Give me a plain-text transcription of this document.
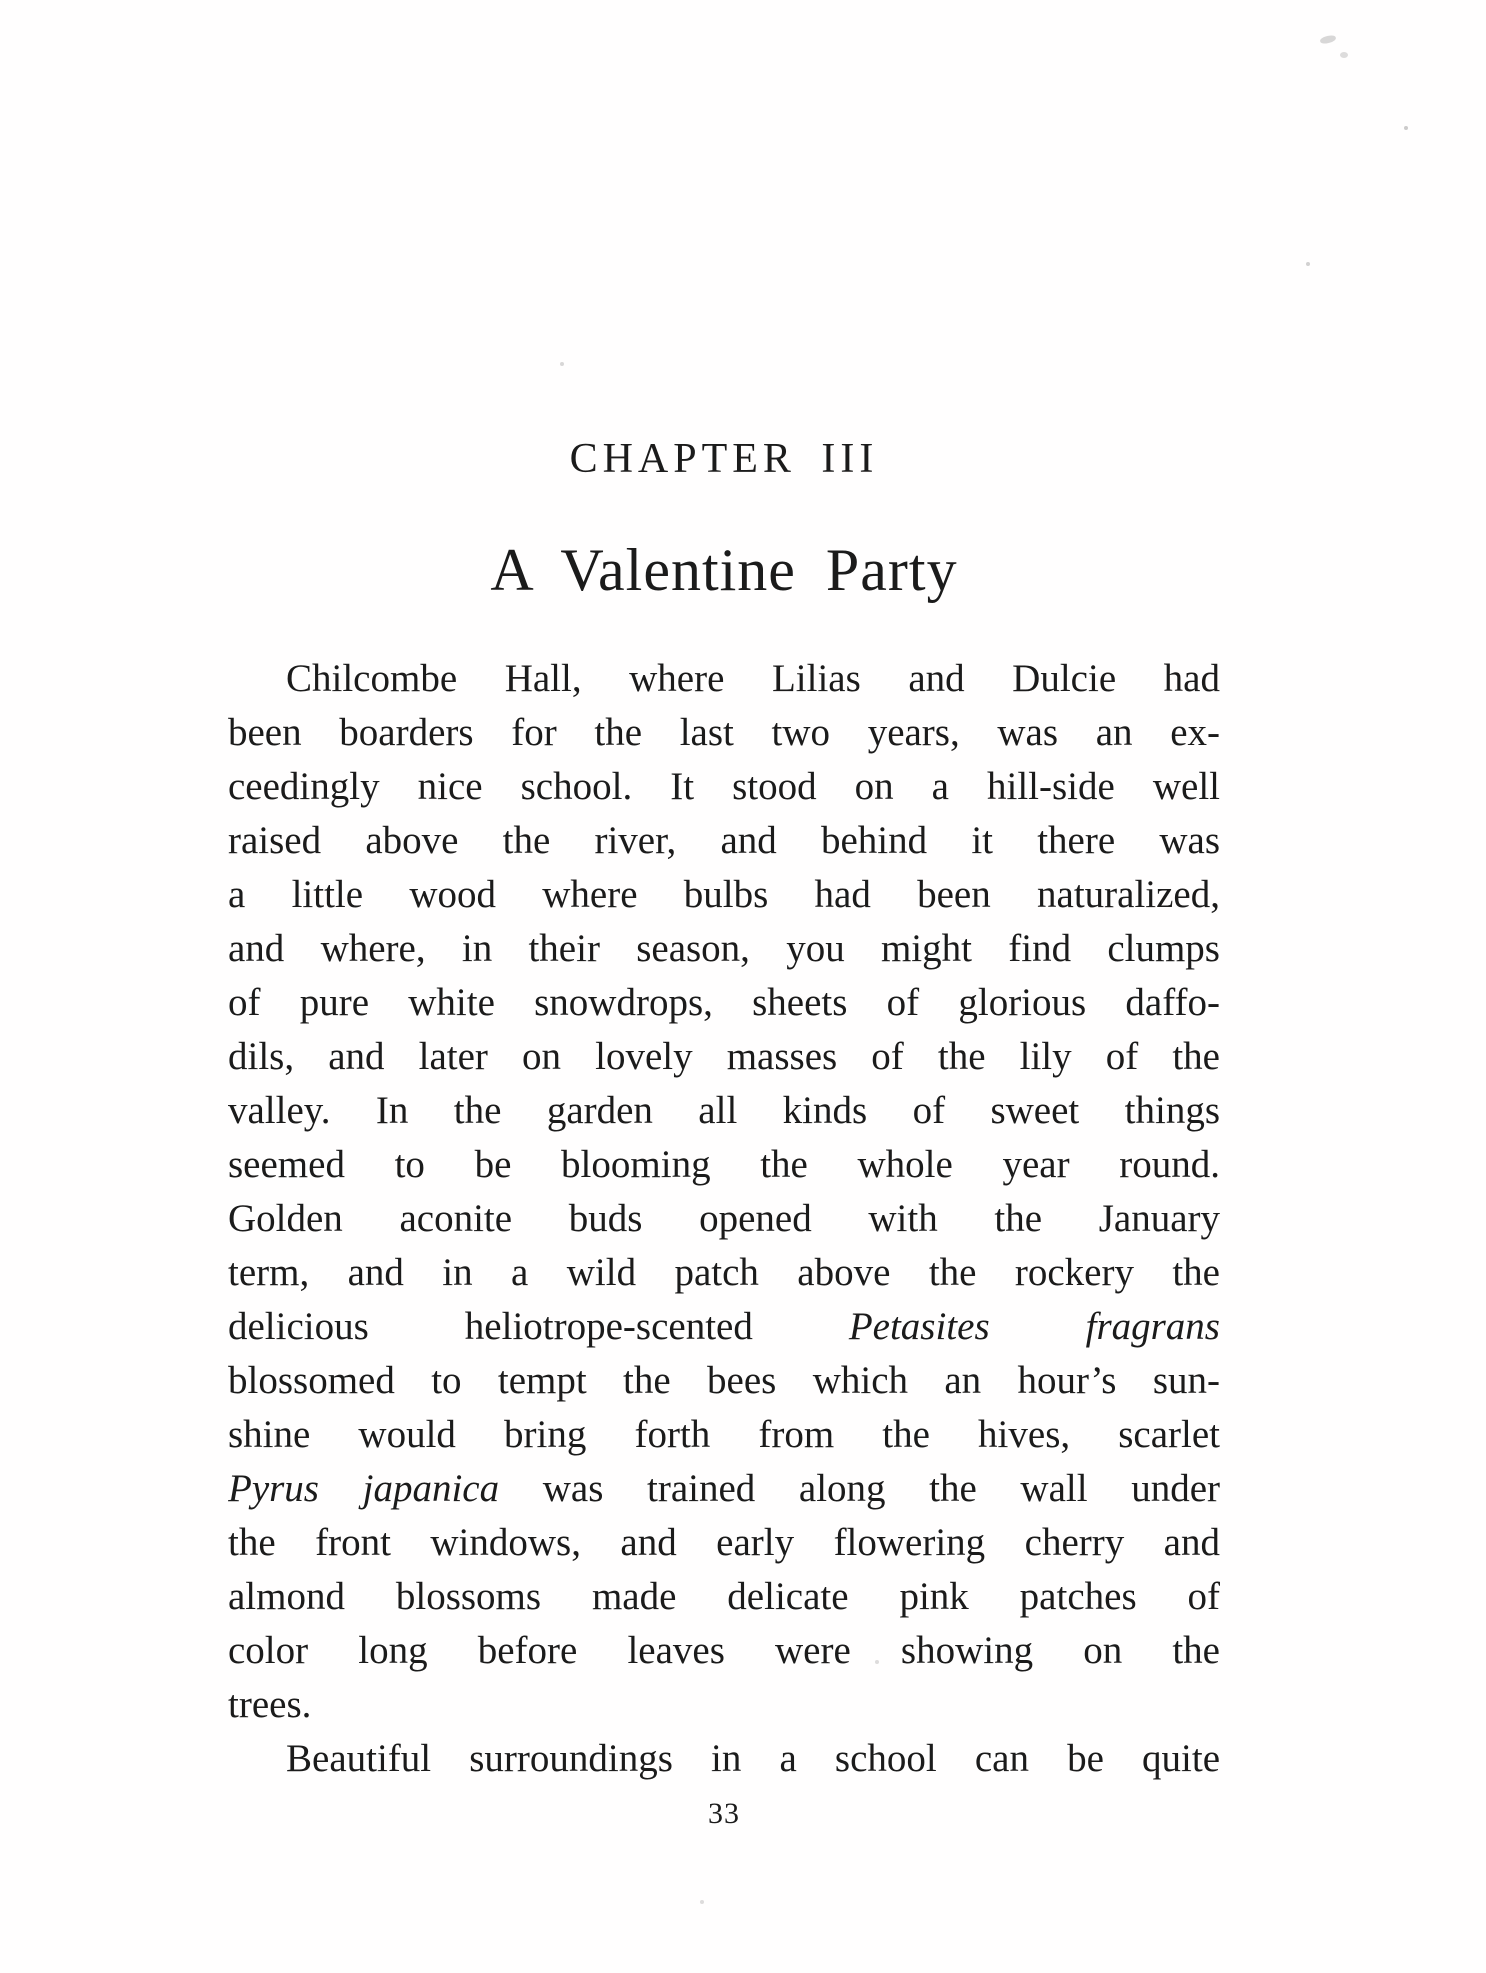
CHAPTER III
A Valentine Party
Chilcombe Hall, where Lilias and Dulcie had
been boarders for the last two years, was an ex-
ceedingly nice school. It stood on a hill-side well
raised above the river, and behind it there was
a little wood where bulbs had been naturalized,
and where, in their season, you might find clumps
of pure white snowdrops, sheets of glorious daffo-
dils, and later on lovely masses of the lily of the
valley. In the garden all kinds of sweet things
seemed to be blooming the whole year round.
Golden aconite buds opened with the January
term, and in a wild patch above the rockery the
delicious heliotrope-scented Petasites fragrans
blossomed to tempt the bees which an hour’s sun-
shine would bring forth from the hives, scarlet
Pyrus japanica was trained along the wall under
the front windows, and early flowering cherry and
almond blossoms made delicate pink patches of
color long before leaves were showing on the
trees.
Beautiful surroundings in a school can be quite
33
